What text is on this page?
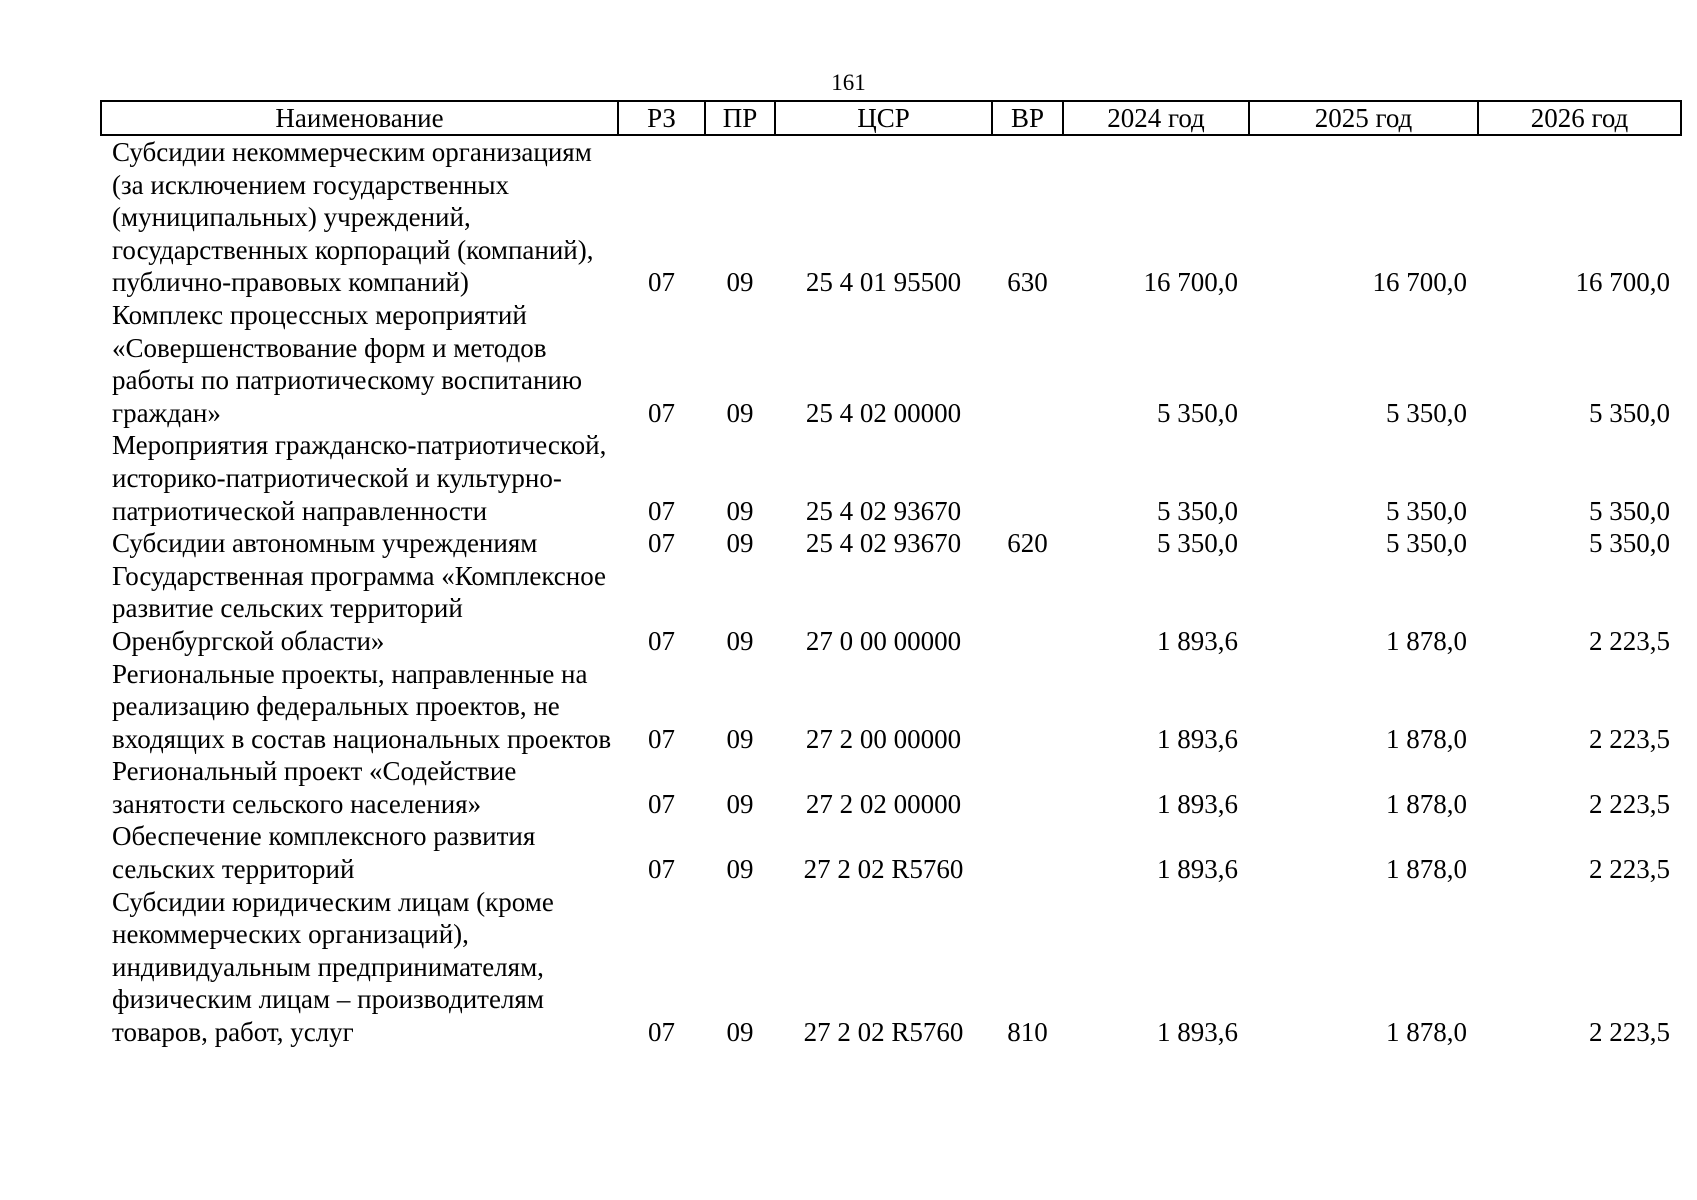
161
Наименование	РЗ	ПР	ЦСР	ВР	2024 год	2025 год	2026 год
Субсидии некоммерческим организациям (за исключением государственных (муниципальных) учреждений, государственных корпораций (компаний), публично-правовых компаний)	07	09	25 4 01 95500	630	16 700,0	16 700,0	16 700,0
Комплекс процессных мероприятий «Совершенствование форм и методов работы по патриотическому воспитанию граждан»	07	09	25 4 02 00000		5 350,0	5 350,0	5 350,0
Мероприятия гражданско-патриотической, историко-патриотической и культурно-патриотической направленности	07	09	25 4 02 93670		5 350,0	5 350,0	5 350,0
Субсидии автономным учреждениям	07	09	25 4 02 93670	620	5 350,0	5 350,0	5 350,0
Государственная программа «Комплексное развитие сельских территорий Оренбургской области»	07	09	27 0 00 00000		1 893,6	1 878,0	2 223,5
Региональные проекты, направленные на реализацию федеральных проектов, не входящих в состав национальных проектов	07	09	27 2 00 00000		1 893,6	1 878,0	2 223,5
Региональный проект «Содействие занятости сельского населения»	07	09	27 2 02 00000		1 893,6	1 878,0	2 223,5
Обеспечение комплексного развития сельских территорий	07	09	27 2 02 R5760		1 893,6	1 878,0	2 223,5
Субсидии юридическим лицам (кроме некоммерческих организаций), индивидуальным предпринимателям, физическим лицам – производителям товаров, работ, услуг	07	09	27 2 02 R5760	810	1 893,6	1 878,0	2 223,5
